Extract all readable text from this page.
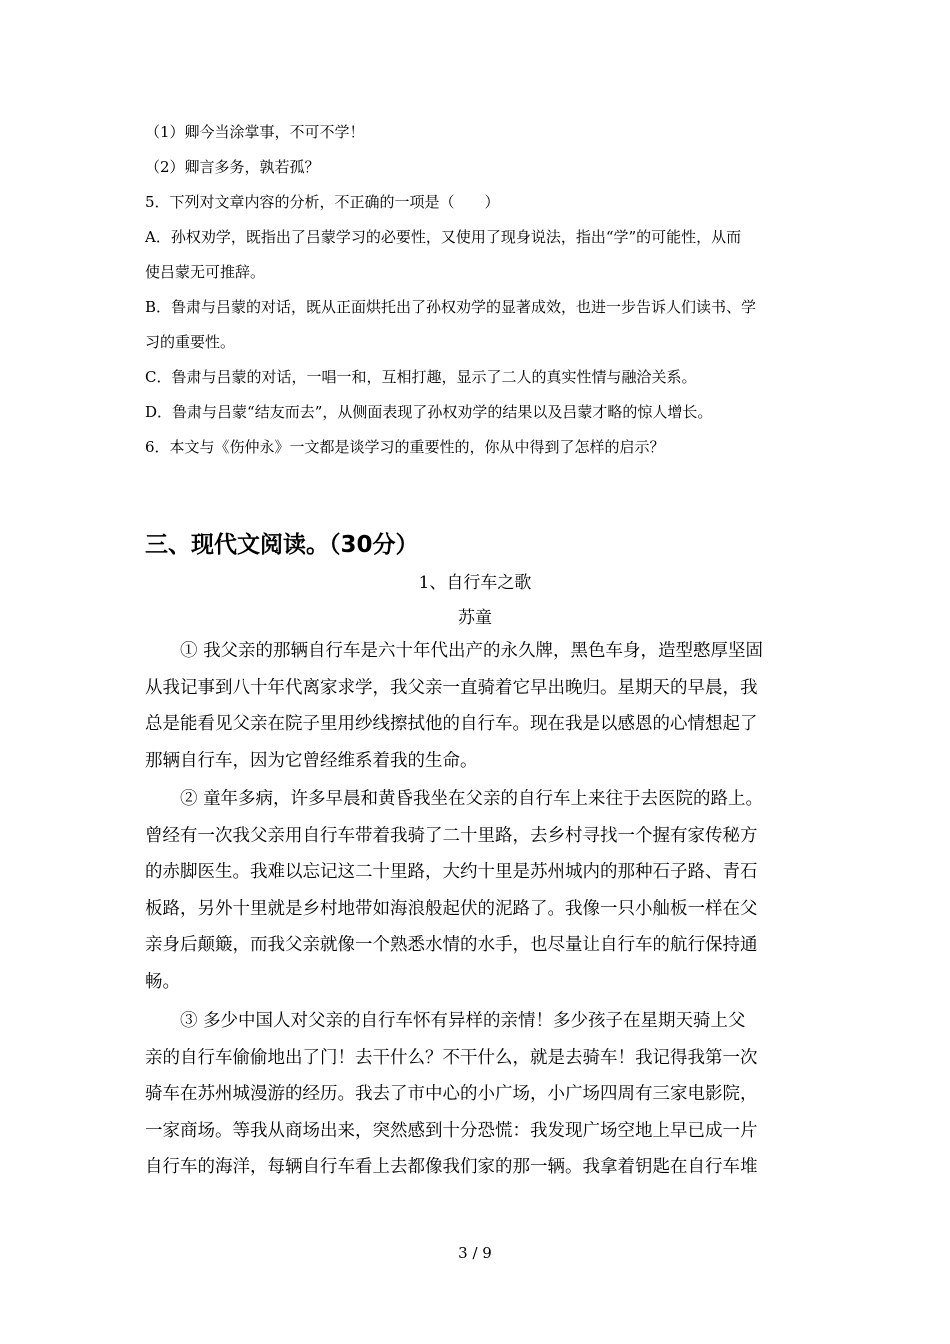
（1）卿今当涂掌事，不可不学！
（2）卿言多务，孰若孤？
5．下列对文章内容的分析，不正确的一项是（　　）
A．孙权劝学，既指出了吕蒙学习的必要性，又使用了现身说法，指出“学”的可能性，从而
使吕蒙无可推辞。
B．鲁肃与吕蒙的对话，既从正面烘托出了孙权劝学的显著成效，也进一步告诉人们读书、学
习的重要性。
C．鲁肃与吕蒙的对话，一唱一和，互相打趣，显示了二人的真实性情与融洽关系。
D．鲁肃与吕蒙“结友而去”，从侧面表现了孙权劝学的结果以及吕蒙才略的惊人增长。
6．本文与《伤仲永》一文都是谈学习的重要性的，你从中得到了怎样的启示？
三、现代文阅读。（30分）
1、自行车之歌
苏童
　　① 我父亲的那辆自行车是六十年代出产的永久牌，黑色车身，造型憨厚坚固
从我记事到八十年代离家求学，我父亲一直骑着它早出晚归。星期天的早晨，我
总是能看见父亲在院子里用纱线擦拭他的自行车。现在我是以感恩的心情想起了
那辆自行车，因为它曾经维系着我的生命。
　　② 童年多病，许多早晨和黄昏我坐在父亲的自行车上来往于去医院的路上。
曾经有一次我父亲用自行车带着我骑了二十里路，去乡村寻找一个握有家传秘方
的赤脚医生。我难以忘记这二十里路，大约十里是苏州城内的那种石子路、青石
板路，另外十里就是乡村地带如海浪般起伏的泥路了。我像一只小舢板一样在父
亲身后颠簸，而我父亲就像一个熟悉水情的水手，也尽量让自行车的航行保持通
畅。
　　③ 多少中国人对父亲的自行车怀有异样的亲情！多少孩子在星期天骑上父
亲的自行车偷偷地出了门！去干什么？不干什么，就是去骑车！我记得我第一次
骑车在苏州城漫游的经历。我去了市中心的小广场，小广场四周有三家电影院，
一家商场。等我从商场出来，突然感到十分恐慌：我发现广场空地上早已成一片
自行车的海洋，每辆自行车看上去都像我们家的那一辆。我拿着钥匙在自行车堆
3 / 9
